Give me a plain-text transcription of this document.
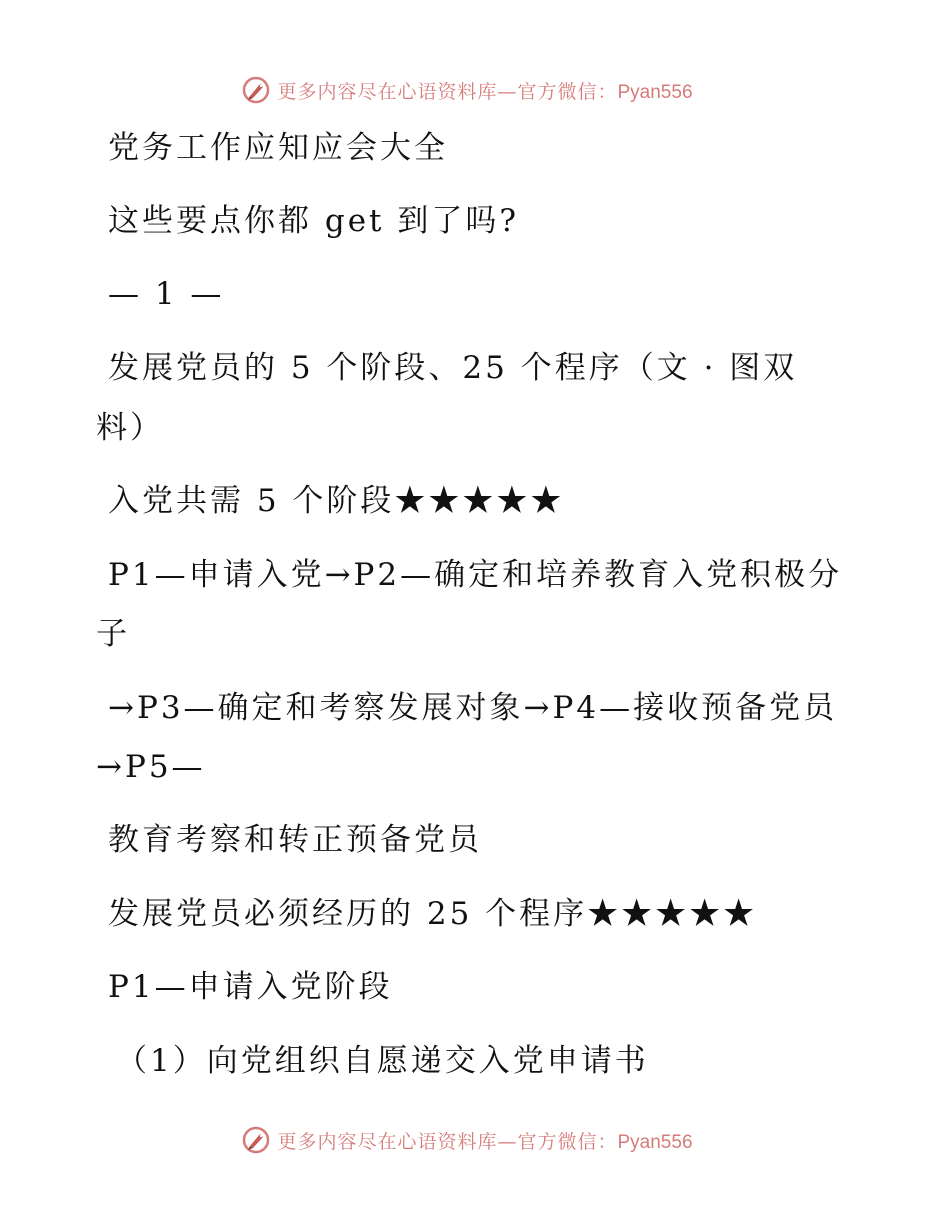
更多内容尽在心语资料库—官方微信：Pyan556
党务工作应知应会大全
这些要点你都 get 到了吗?
— 1 —
发展党员的 5 个阶段、25 个程序（文 · 图双
料）
入党共需 5 个阶段★★★★★
P1—申请入党→P2—确定和培养教育入党积极分
子
→P3—确定和考察发展对象→P4—接收预备党员
→P5—
教育考察和转正预备党员
发展党员必须经历的 25 个程序★★★★★
P1—申请入党阶段
（1）向党组织自愿递交入党申请书
更多内容尽在心语资料库—官方微信：Pyan556
